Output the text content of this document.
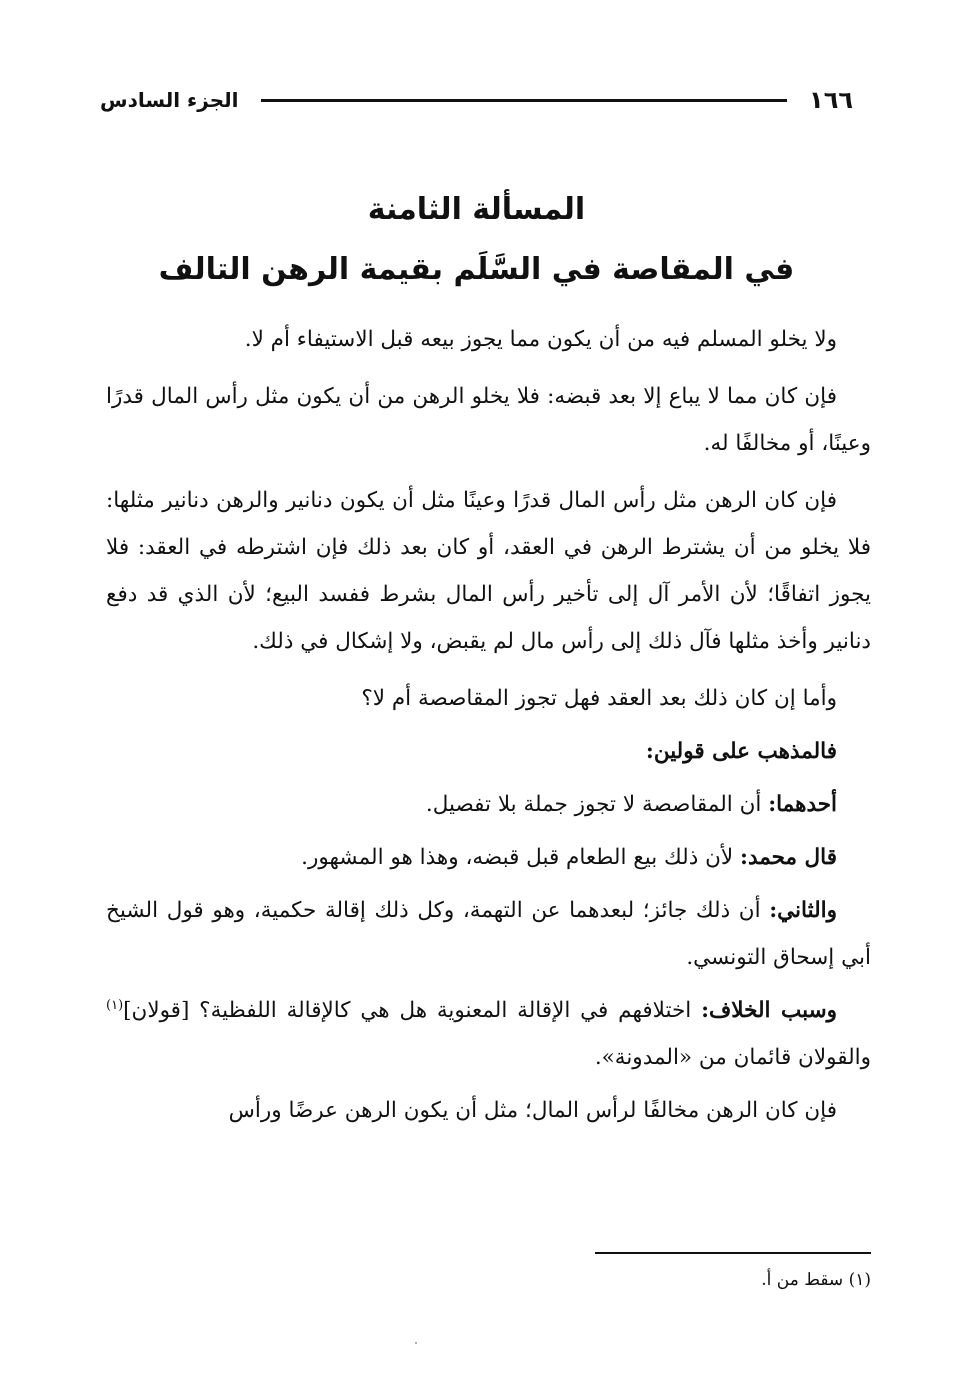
١٦٦
الجزء السادس
المسألة الثامنة
في المقاصة في السَّلَم بقيمة الرهن التالف

ولا يخلو المسلم فيه من أن يكون مما يجوز بيعه قبل الاستيفاء أم لا.

فإن كان مما لا يباع إلا بعد قبضه: فلا يخلو الرهن من أن يكون مثل رأس المال قدرًا وعينًا، أو مخالفًا له.

فإن كان الرهن مثل رأس المال قدرًا وعينًا مثل أن يكون دنانير والرهن دنانير مثلها: فلا يخلو من أن يشترط الرهن في العقد، أو كان بعد ذلك فإن اشترطه في العقد: فلا يجوز اتفاقًا؛ لأن الأمر آل إلى تأخير رأس المال بشرط ففسد البيع؛ لأن الذي قد دفع دنانير وأخذ مثلها فآل ذلك إلى رأس مال لم يقبض، ولا إشكال في ذلك.

وأما إن كان ذلك بعد العقد فهل تجوز المقاصصة أم لا؟

فالمذهب على قولين:

أحدهما: أن المقاصصة لا تجوز جملة بلا تفصيل.

قال محمد: لأن ذلك بيع الطعام قبل قبضه، وهذا هو المشهور.

والثاني: أن ذلك جائز؛ لبعدهما عن التهمة، وكل ذلك إقالة حكمية، وهو قول الشيخ أبي إسحاق التونسي.

وسبب الخلاف: اختلافهم في الإقالة المعنوية هل هي كالإقالة اللفظية؟ [قولان]$^{(١)}$ والقولان قائمان من «المدونة».

فإن كان الرهن مخالفًا لرأس المال؛ مثل أن يكون الرهن عرضًا ورأس

(١) سقط من أ.
